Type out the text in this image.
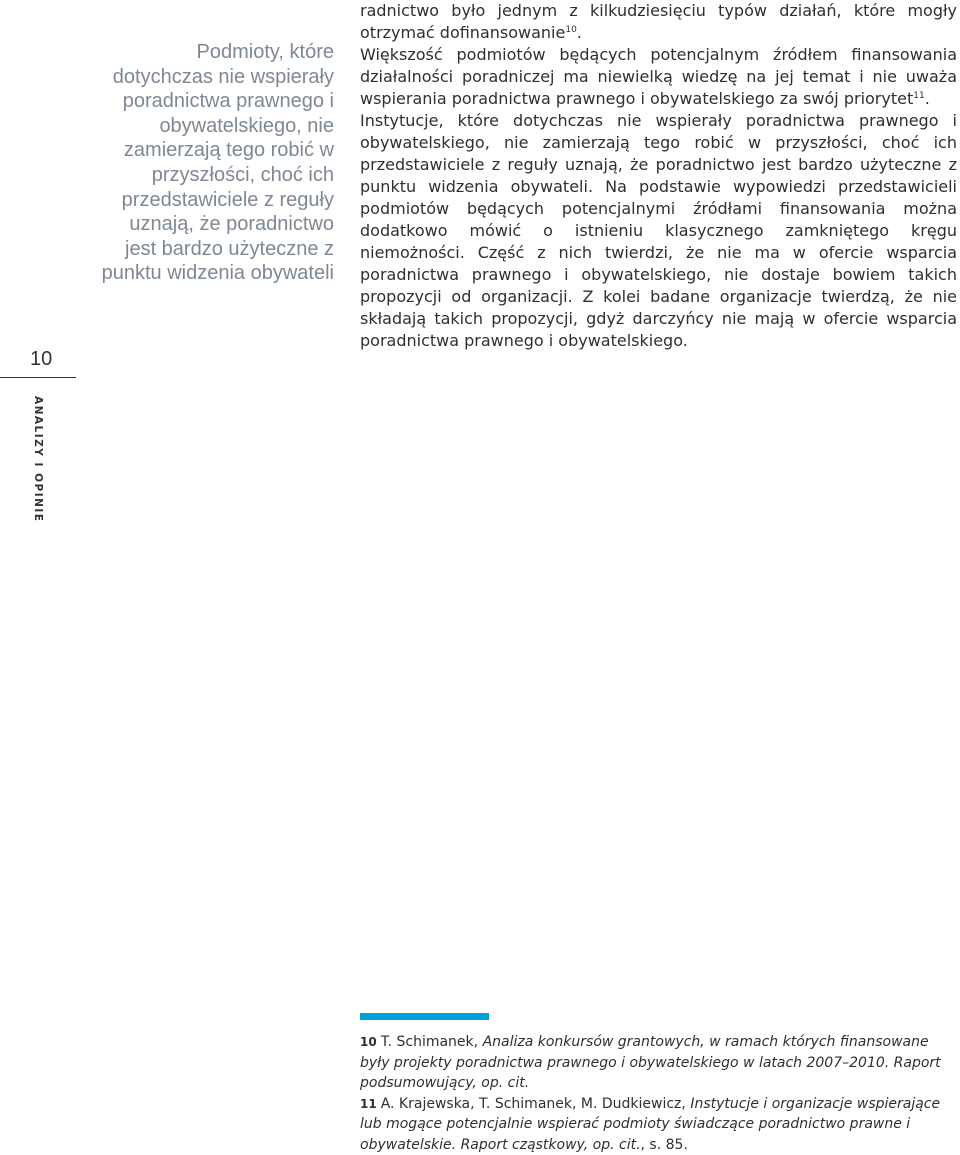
Podmioty, które dotychczas nie wspierały poradnictwa prawnego i obywatelskiego, nie zamierzają tego robić w przyszłości, choć ich przedstawiciele z reguły uznają, że poradnictwo jest bardzo użyteczne z punktu widzenia obywateli

radnictwo było jednym z kilkudziesięciu typów działań, które mogły otrzymać dofinansowanie$^{10}$.

Większość podmiotów będących potencjalnym źródłem finansowania działalności poradniczej ma niewielką wiedzę na jej temat i nie uważa wspierania poradnictwa prawnego i obywatelskiego za swój priorytet$^{11}$.

Instytucje, które dotychczas nie wspierały poradnictwa prawnego i obywatelskiego, nie zamierzają tego robić w przyszłości, choć ich przedstawiciele z reguły uznają, że poradnictwo jest bardzo użyteczne z punktu widzenia obywateli. Na podstawie wypowiedzi przedstawicieli podmiotów będących potencjalnymi źródłami finansowania można dodatkowo mówić o istnieniu klasycznego zamkniętego kręgu niemożności. Część z nich twierdzi, że nie ma w ofercie wsparcia poradnictwa prawnego i obywatelskiego, nie dostaje bowiem takich propozycji od organizacji. Z kolei badane organizacje twierdzą, że nie składają takich propozycji, gdyż darczyńcy nie mają w ofercie wsparcia poradnictwa prawnego i obywatelskiego.

10
ANALIZY I OPINIE

10 T. Schimanek, Analiza konkursów grantowych, w ramach których finansowane były projekty poradnictwa prawnego i obywatelskiego w latach 2007–2010. Raport podsumowujący, op. cit.

11 A. Krajewska, T. Schimanek, M. Dudkiewicz, Instytucje i organizacje wspierające lub mogące potencjalnie wspierać podmioty świadczące poradnictwo prawne i obywatelskie. Raport cząstkowy, op. cit., s. 85.
